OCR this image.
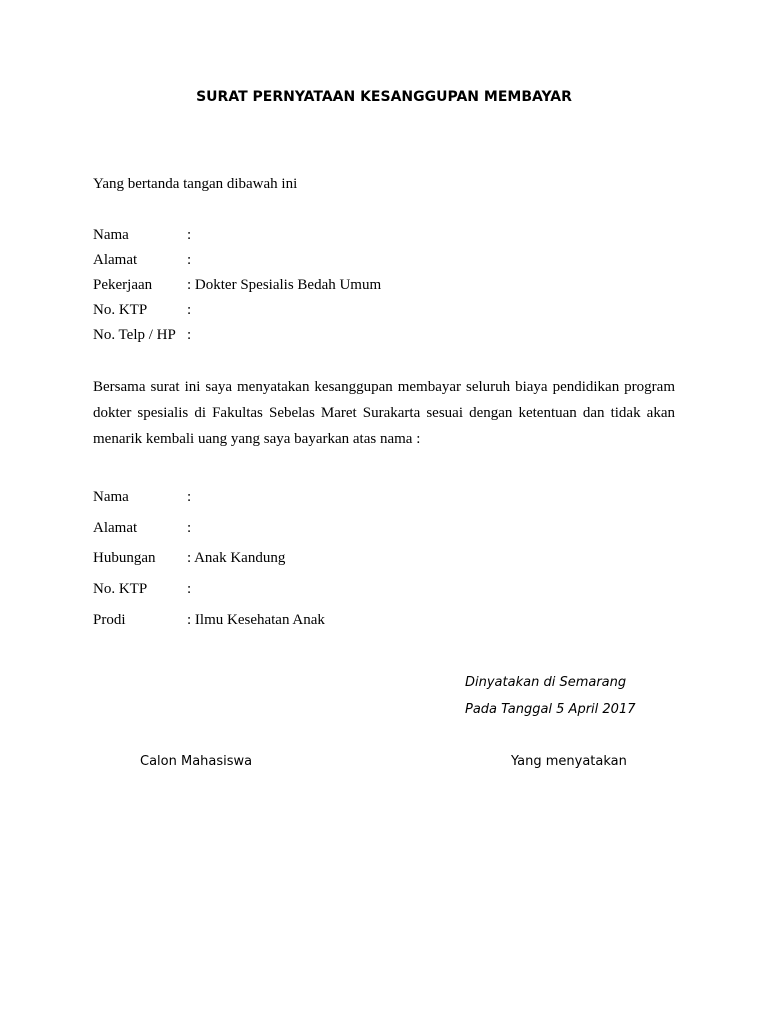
SURAT PERNYATAAN KESANGGUPAN MEMBAYAR
Yang bertanda tangan dibawah ini
Nama	:
Alamat	:
Pekerjaan : Dokter Spesialis Bedah Umum
No. KTP	:
No. Telp / HP :
Bersama surat ini saya menyatakan kesanggupan membayar seluruh biaya pendidikan program dokter spesialis di Fakultas Sebelas Maret Surakarta sesuai dengan ketentuan dan tidak akan menarik kembali uang yang saya bayarkan atas nama :
Nama	:
Alamat	:
Hubungan : Anak Kandung
No. KTP	:
Prodi	: Ilmu Kesehatan Anak
Dinyatakan di Semarang
Pada Tanggal 5 April 2017
Calon Mahasiswa	Yang menyatakan
